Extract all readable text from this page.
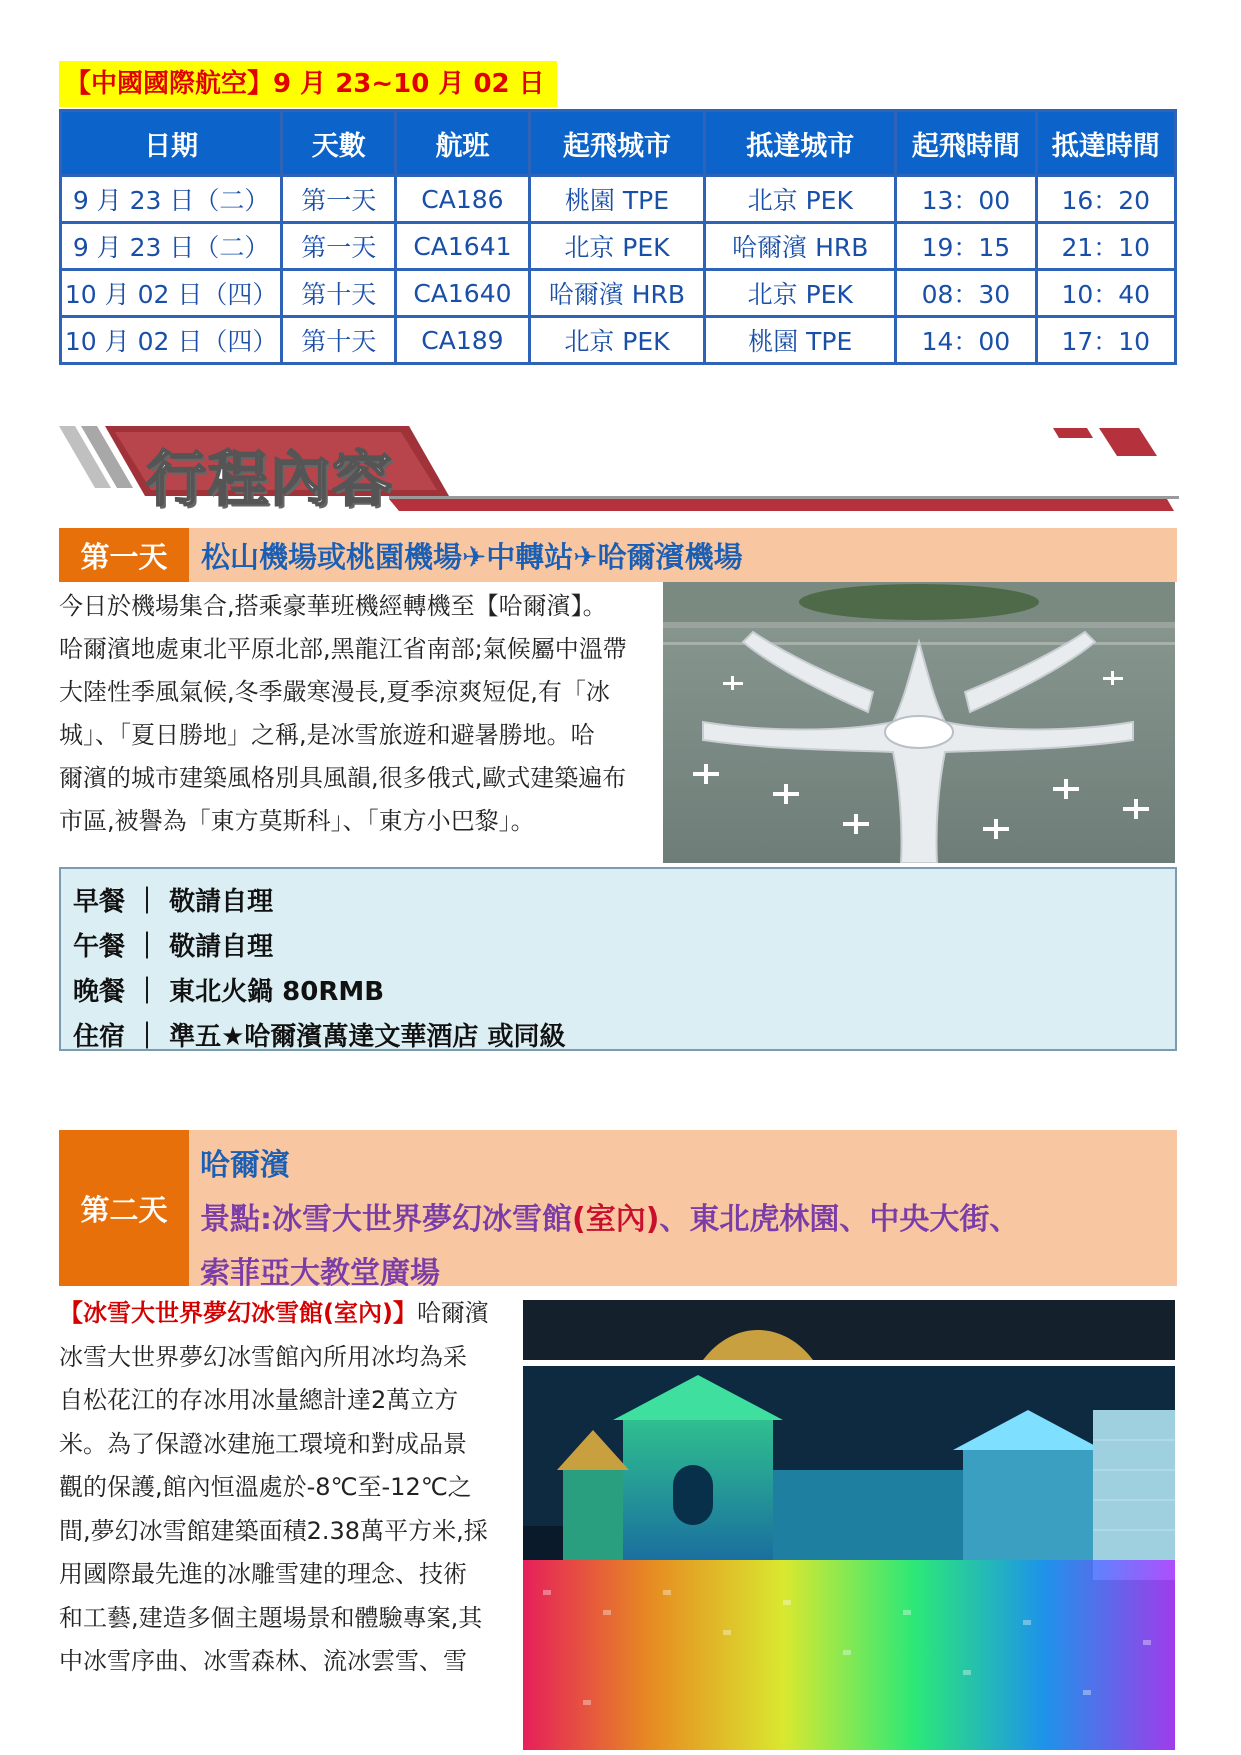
【中國國際航空】9 月 23~10 月 02 日
日期	天數	航班	起飛城市	抵達城市	起飛時間	抵達時間
9 月 23 日（二）	第一天	CA186	桃園 TPE	北京 PEK	13：00	16：20
9 月 23 日（二）	第一天	CA1641	北京 PEK	哈爾濱 HRB	19：15	21：10
10 月 02 日（四）	第十天	CA1640	哈爾濱 HRB	北京 PEK	08：30	10：40
10 月 02 日（四）	第十天	CA189	北京 PEK	桃園 TPE	14：00	17：10
行程內容
第一天	松山機場或桃園機場✈中轉站✈哈爾濱機場
今日於機場集合,搭乘豪華班機經轉機至【哈爾濱】。
哈爾濱地處東北平原北部,黑龍江省南部;氣候屬中溫帶
大陸性季風氣候,冬季嚴寒漫長,夏季涼爽短促,有「冰
城」、「夏日勝地」之稱,是冰雪旅遊和避暑勝地。哈
爾濱的城市建築風格別具風韻,很多俄式,歐式建築遍布
市區,被譽為「東方莫斯科」、「東方小巴黎」。
早餐 ｜ 敬請自理
午餐 ｜ 敬請自理
晚餐 ｜ 東北火鍋 80RMB
住宿 ｜ 準五★哈爾濱萬達文華酒店 或同級
第二天
哈爾濱
景點:冰雪大世界夢幻冰雪館(室內)、東北虎林園、中央大街、
索菲亞大教堂廣場
【冰雪大世界夢幻冰雪館(室內)】哈爾濱
冰雪大世界夢幻冰雪館內所用冰均為采
自松花江的存冰用冰量總計達2萬立方
米。為了保證冰建施工環境和對成品景
觀的保護,館內恒溫處於-8℃至-12℃之
間,夢幻冰雪館建築面積2.38萬平方米,採
用國際最先進的冰雕雪建的理念、技術
和工藝,建造多個主題場景和體驗專案,其
中冰雪序曲、冰雪森林、流冰雲雪、雪
